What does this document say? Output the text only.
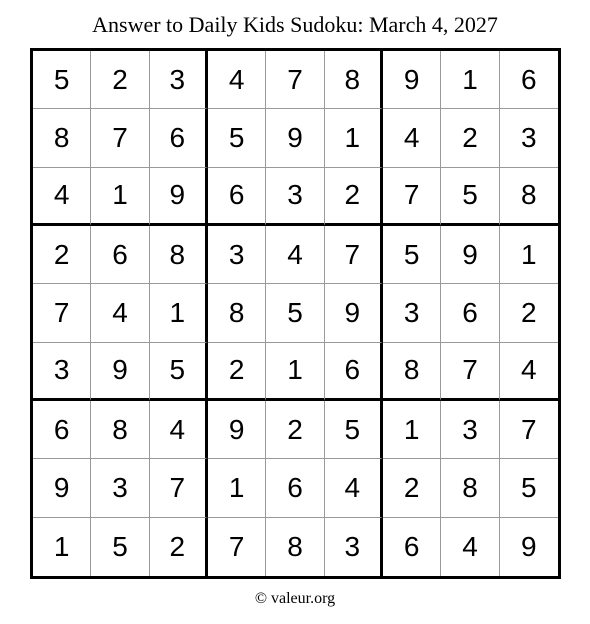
Answer to Daily Kids Sudoku: March 4, 2027
5	2	3	4	7	8	9	1	6
8	7	6	5	9	1	4	2	3
4	1	9	6	3	2	7	5	8
2	6	8	3	4	7	5	9	1
7	4	1	8	5	9	3	6	2
3	9	5	2	1	6	8	7	4
6	8	4	9	2	5	1	3	7
9	3	7	1	6	4	2	8	5
1	5	2	7	8	3	6	4	9
© valeur.org
